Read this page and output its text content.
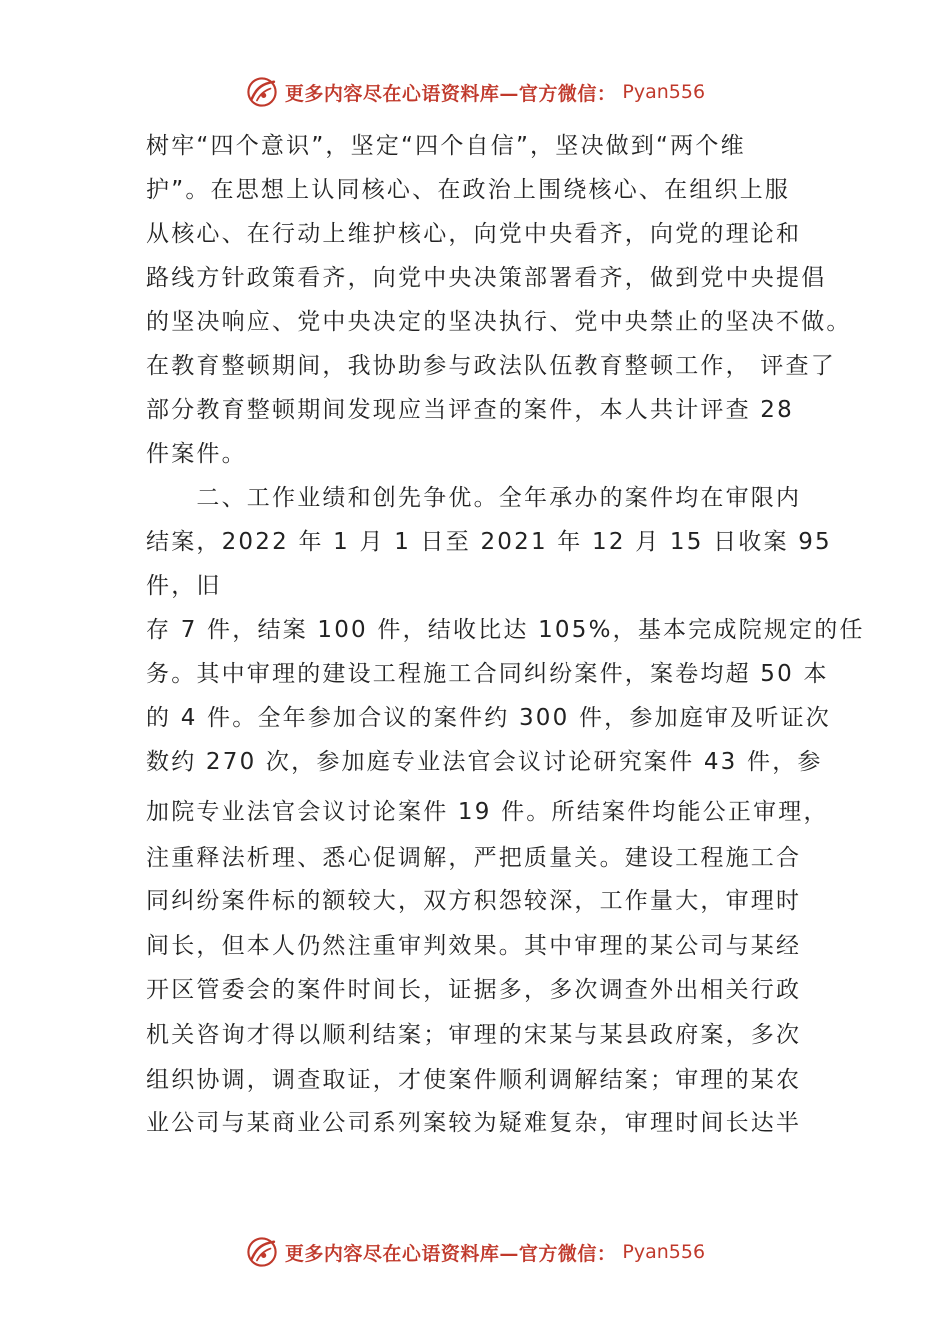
更多内容尽在心语资料库—官方微信： Pyan556
树牢“四个意识”，坚定“四个自信”，坚决做到“两个维
护”。在思想上认同核心、在政治上围绕核心、在组织上服
从核心、在行动上维护核心，向党中央看齐，向党的理论和
路线方针政策看齐，向党中央决策部署看齐，做到党中央提倡
的坚决响应、党中央决定的坚决执行、党中央禁止的坚决不做。
在教育整顿期间，我协助参与政法队伍教育整顿工作， 评查了
部分教育整顿期间发现应当评查的案件，本人共计评查 28
件案件。
　　二、工作业绩和创先争优。全年承办的案件均在审限内
结案，2022 年 1 月 1 日至 2021 年 12 月 15 日收案 95
件，旧
存 7 件，结案 100 件，结收比达 105%，基本完成院规定的任
务。其中审理的建设工程施工合同纠纷案件，案卷均超 50 本
的 4 件。全年参加合议的案件约 300 件，参加庭审及听证次
数约 270 次，参加庭专业法官会议讨论研究案件 43 件，参
加院专业法官会议讨论案件 19 件。所结案件均能公正审理，
注重释法析理、悉心促调解，严把质量关。建设工程施工合
同纠纷案件标的额较大，双方积怨较深，工作量大，审理时
间长，但本人仍然注重审判效果。其中审理的某公司与某经
开区管委会的案件时间长，证据多，多次调查外出相关行政
机关咨询才得以顺利结案；审理的宋某与某县政府案，多次
组织协调，调查取证，才使案件顺利调解结案；审理的某农
业公司与某商业公司系列案较为疑难复杂，审理时间长达半
更多内容尽在心语资料库—官方微信： Pyan556
